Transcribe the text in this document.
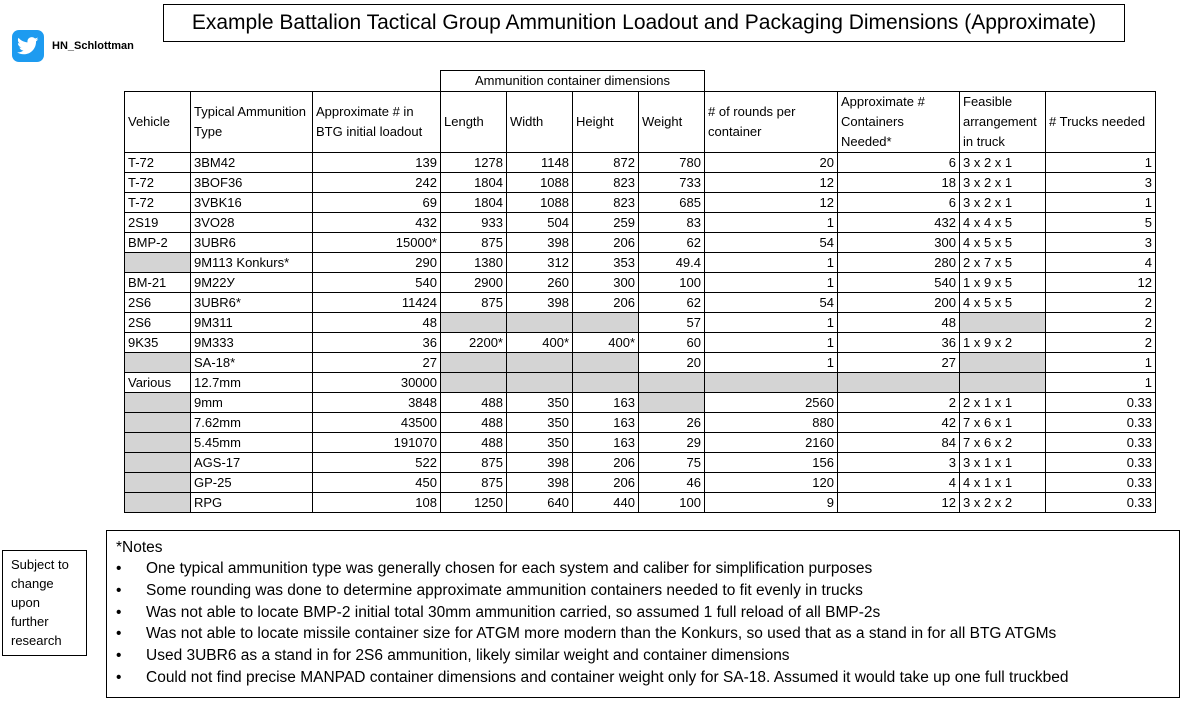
Example Battalion Tactical Group Ammunition Loadout and Packaging Dimensions (Approximate)
HN_Schlottman
			Ammunition container dimensions							
Vehicle	Typical Ammunition Type	Approximate # in BTG initial loadout	Length	Width	Height	Weight	# of rounds per container	Approximate # Containers Needed*	Feasible arrangement in truck	# Trucks needed
T-72	3BM42	139	1278	1148	872	780	20	6	3 x 2 x 1	1
T-72	3BOF36	242	1804	1088	823	733	12	18	3 x 2 x 1	3
T-72	3VBK16	69	1804	1088	823	685	12	6	3 x 2 x 1	1
2S19	3VO28	432	933	504	259	83	1	432	4 x 4 x 5	5
BMP-2	3UBR6	15000*	875	398	206	62	54	300	4 x 5 x 5	3
	9M113 Konkurs*	290	1380	312	353	49.4	1	280	2 x 7 x 5	4
BM-21	9M22У	540	2900	260	300	100	1	540	1 x 9 x 5	12
2S6	3UBR6*	11424	875	398	206	62	54	200	4 x 5 x 5	2
2S6	9M311	48				57	1	48		2
9K35	9M333	36	2200*	400*	400*	60	1	36	1 x 9 x 2	2
	SA-18*	27				20	1	27		1
Various	12.7mm	30000								1
	9mm	3848	488	350	163		2560	2	2 x 1 x 1	0.33
	7.62mm	43500	488	350	163	26	880	42	7 x 6 x 1	0.33
	5.45mm	191070	488	350	163	29	2160	84	7 x 6 x 2	0.33
	AGS-17	522	875	398	206	75	156	3	3 x 1 x 1	0.33
	GP-25	450	875	398	206	46	120	4	4 x 1 x 1	0.33
	RPG	108	1250	640	440	100	9	12	3 x 2 x 2	0.33
Subject to change upon further research
*Notes
•	One typical ammunition type was generally chosen for each system and caliber for simplification purposes
•	Some rounding was done to determine approximate ammunition containers needed to fit evenly in trucks
•	Was not able to locate BMP-2 initial total 30mm ammunition carried, so assumed 1 full reload of all BMP-2s
•	Was not able to locate missile container size for ATGM more modern than the Konkurs, so used that as a stand in for all BTG ATGMs
•	Used 3UBR6 as a stand in for 2S6 ammunition, likely similar weight and container dimensions
•	Could not find precise MANPAD container dimensions and container weight only for SA-18. Assumed it would take up one full truckbed
